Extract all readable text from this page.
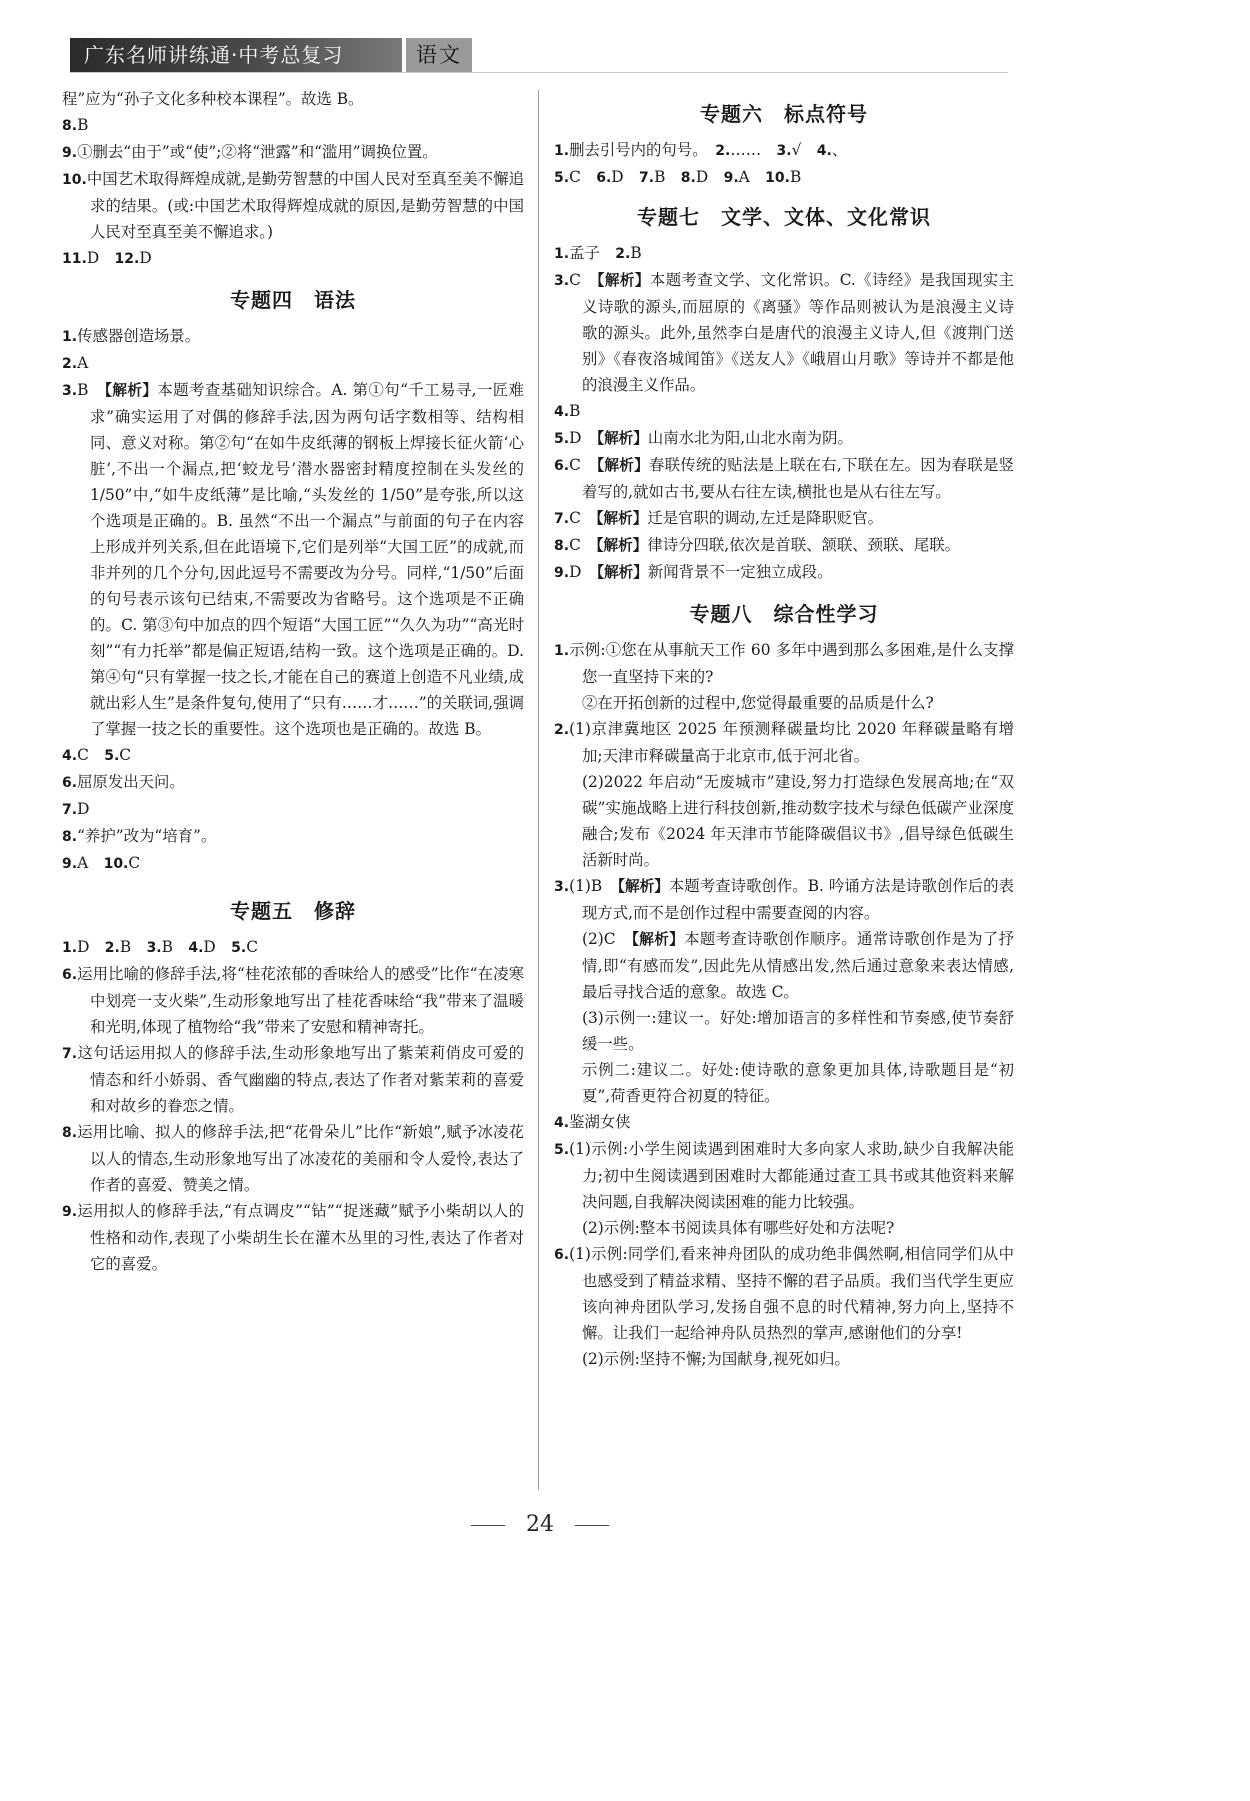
广东名师讲练通·中考总复习	语文

程”应为“孙子文化多种校本课程”。故选 B。

8.B

9.①删去“由于”或“使”;②将“泄露”和“滥用”调换位置。

10.中国艺术取得辉煌成就,是勤劳智慧的中国人民对至真至美不懈追求的结果。(或:中国艺术取得辉煌成就的原因,是勤劳智慧的中国人民对至真至美不懈追求。)

11.D　12.D

专题四　语法

1.传感器创造场景。

2.A

3.B　【解析】本题考查基础知识综合。A. 第①句“千工易寻,一匠难求”确实运用了对偶的修辞手法,因为两句话字数相等、结构相同、意义对称。第②句“在如牛皮纸薄的钢板上焊接长征火箭‘心脏’,不出一个漏点,把‘蛟龙号’潜水器密封精度控制在头发丝的 1/50”中,“如牛皮纸薄”是比喻,“头发丝的 1/50”是夸张,所以这个选项是正确的。B. 虽然“不出一个漏点”与前面的句子在内容上形成并列关系,但在此语境下,它们是列举“大国工匠”的成就,而非并列的几个分句,因此逗号不需要改为分号。同样,“1/50”后面的句号表示该句已结束,不需要改为省略号。这个选项是不正确的。C. 第③句中加点的四个短语“大国工匠”“久久为功”“高光时刻”“有力托举”都是偏正短语,结构一致。这个选项是正确的。D. 第④句“只有掌握一技之长,才能在自己的赛道上创造不凡业绩,成就出彩人生”是条件复句,使用了“只有……才……”的关联词,强调了掌握一技之长的重要性。这个选项也是正确的。故选 B。

4.C　5.C

6.屈原发出天问。

7.D

8.“养护”改为“培育”。

9.A　10.C

专题五　修辞

1.D　2.B　3.B　4.D　5.C

6.运用比喻的修辞手法,将“桂花浓郁的香味给人的感受”比作“在凌寒中划亮一支火柴”,生动形象地写出了桂花香味给“我”带来了温暖和光明,体现了植物给“我”带来了安慰和精神寄托。

7.这句话运用拟人的修辞手法,生动形象地写出了紫茉莉俏皮可爱的情态和纤小娇弱、香气幽幽的特点,表达了作者对紫茉莉的喜爱和对故乡的眷恋之情。

8.运用比喻、拟人的修辞手法,把“花骨朵儿”比作“新娘”,赋予冰凌花以人的情态,生动形象地写出了冰凌花的美丽和令人爱怜,表达了作者的喜爱、赞美之情。

9.运用拟人的修辞手法,“有点调皮”“钻”“捉迷藏”赋予小柴胡以人的性格和动作,表现了小柴胡生长在灌木丛里的习性,表达了作者对它的喜爱。

专题六　标点符号

1.删去引号内的句号。　2.……　3.√　4.、

5.C　6.D　7.B　8.D　9.A　10.B

专题七　文学、文体、文化常识

1.孟子　2.B

3.C　【解析】本题考查文学、文化常识。C.《诗经》是我国现实主义诗歌的源头,而屈原的《离骚》等作品则被认为是浪漫主义诗歌的源头。此外,虽然李白是唐代的浪漫主义诗人,但《渡荆门送别》《春夜洛城闻笛》《送友人》《峨眉山月歌》等诗并不都是他的浪漫主义作品。

4.B

5.D　【解析】山南水北为阳,山北水南为阴。

6.C　【解析】春联传统的贴法是上联在右,下联在左。因为春联是竖着写的,就如古书,要从右往左读,横批也是从右往左写。

7.C　【解析】迁是官职的调动,左迁是降职贬官。

8.C　【解析】律诗分四联,依次是首联、颔联、颈联、尾联。

9.D　【解析】新闻背景不一定独立成段。

专题八　综合性学习

1.示例:①您在从事航天工作 60 多年中遇到那么多困难,是什么支撑您一直坚持下来的?

②在开拓创新的过程中,您觉得最重要的品质是什么?

2.(1)京津冀地区 2025 年预测释碳量均比 2020 年释碳量略有增加;天津市释碳量高于北京市,低于河北省。

(2)2022 年启动“无废城市”建设,努力打造绿色发展高地;在“双碳”实施战略上进行科技创新,推动数字技术与绿色低碳产业深度融合;发布《2024 年天津市节能降碳倡议书》,倡导绿色低碳生活新时尚。

3.(1)B　【解析】本题考查诗歌创作。B. 吟诵方法是诗歌创作后的表现方式,而不是创作过程中需要查阅的内容。

(2)C　【解析】本题考查诗歌创作顺序。通常诗歌创作是为了抒情,即“有感而发”,因此先从情感出发,然后通过意象来表达情感,最后寻找合适的意象。故选 C。

(3)示例一:建议一。好处:增加语言的多样性和节奏感,使节奏舒缓一些。

示例二:建议二。好处:使诗歌的意象更加具体,诗歌题目是“初夏”,荷香更符合初夏的特征。

4.鉴湖女侠

5.(1)示例:小学生阅读遇到困难时大多向家人求助,缺少自我解决能力;初中生阅读遇到困难时大都能通过查工具书或其他资料来解决问题,自我解决阅读困难的能力比较强。

(2)示例:整本书阅读具体有哪些好处和方法呢?

6.(1)示例:同学们,看来神舟团队的成功绝非偶然啊,相信同学们从中也感受到了精益求精、坚持不懈的君子品质。我们当代学生更应该向神舟团队学习,发扬自强不息的时代精神,努力向上,坚持不懈。让我们一起给神舟队员热烈的掌声,感谢他们的分享!

(2)示例:坚持不懈;为国献身,视死如归。

24
